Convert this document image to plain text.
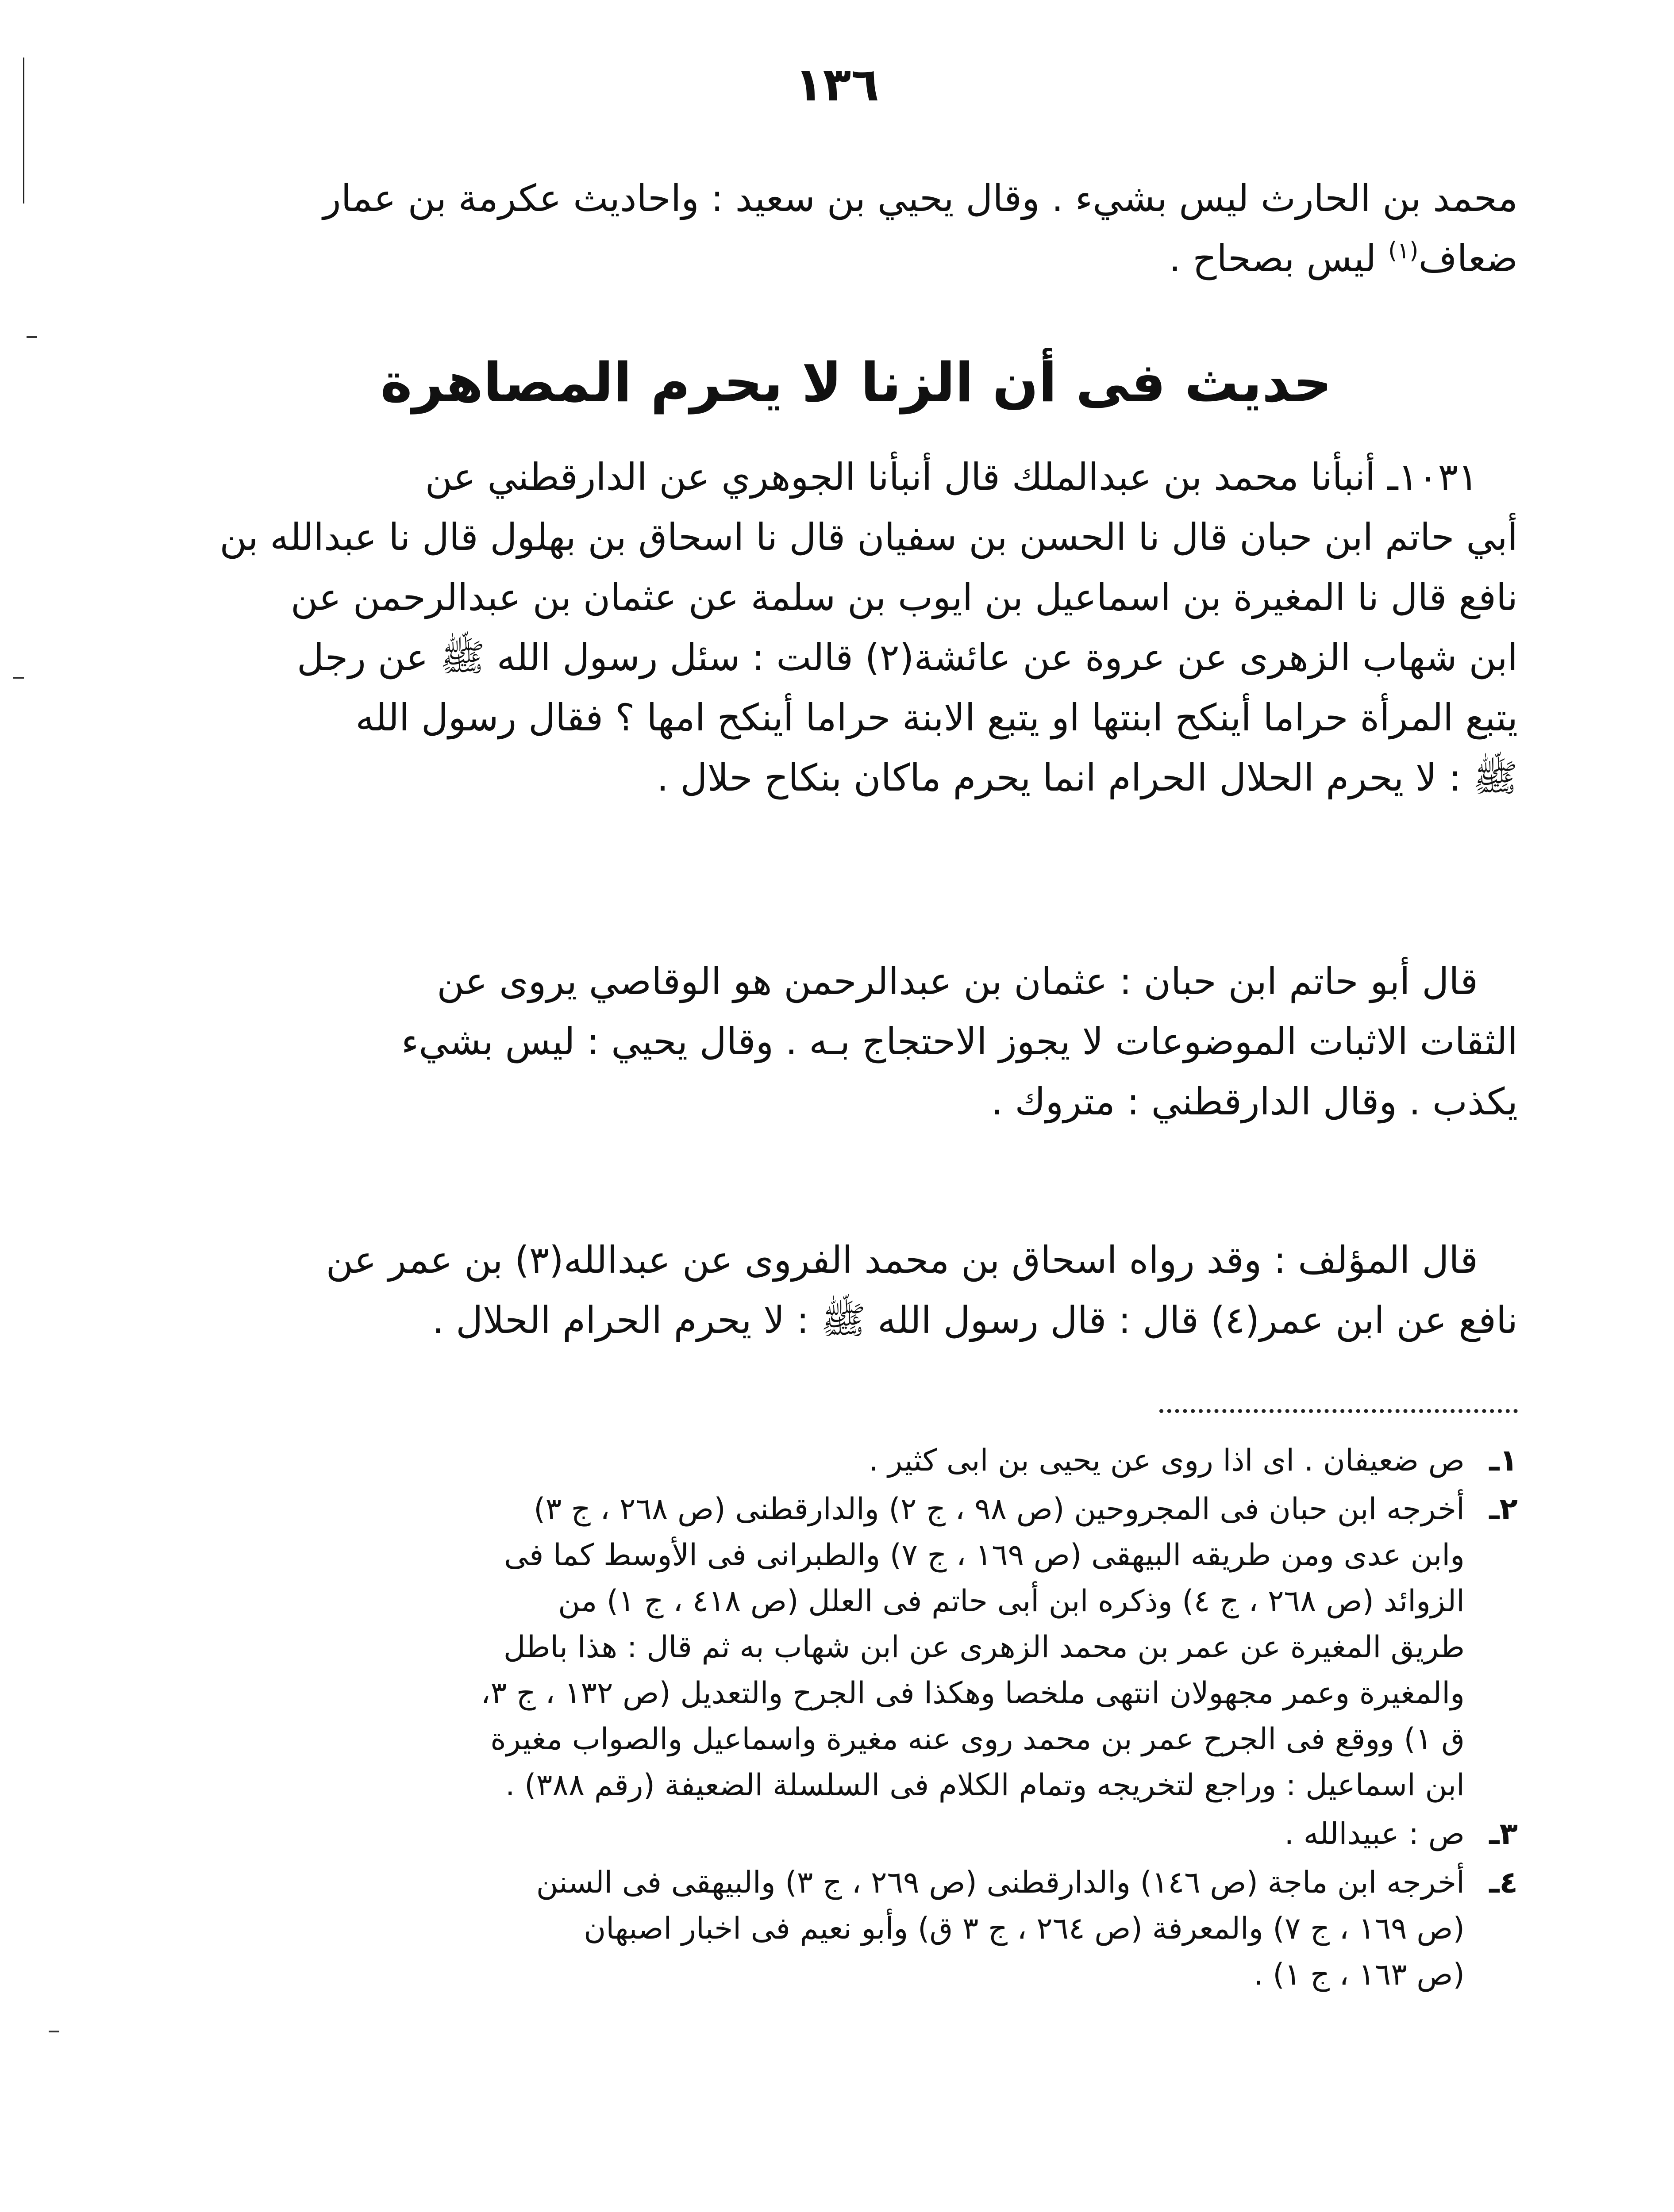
١٣٦
محمد بن الحارث ليس بشيء . وقال يحيي بن سعيد : واحاديث عكرمة بن عمار
ضعاف$^{(١)}$ ليس بصحاح .
حديث فى أن الزنا لا يحرم المصاهرة
١٠٣١ـ أنبأنا محمد بن عبدالملك قال أنبأنا الجوهري عن الدارقطني عن
أبي حاتم ابن حبان قال نا الحسن بن سفيان قال نا اسحاق بن بهلول قال نا عبدالله بن
نافع قال نا المغيرة بن اسماعيل بن ايوب بن سلمة عن عثمان بن عبدالرحمن عن
ابن شهاب الزهرى عن عروة عن عائشة(٢) قالت : سئل رسول الله ﷺ عن رجل
يتبع المرأة حراما أينكح ابنتها او يتبع الابنة حراما أينكح امها ؟ فقال رسول الله
ﷺ : لا يحرم الحلال الحرام انما يحرم ماكان بنكاح حلال .
قال أبو حاتم ابن حبان : عثمان بن عبدالرحمن هو الوقاصي يروى عن
الثقات الاثبات الموضوعات لا يجوز الاحتجاج بـه . وقال يحيي : ليس بشيء
يكذب . وقال الدارقطني : متروك .
قال المؤلف : وقد رواه اسحاق بن محمد الفروى عن عبدالله(٣) بن عمر عن
نافع عن ابن عمر(٤) قال : قال رسول الله ﷺ : لا يحرم الحرام الحلال .
١ـ
ص ضعيفان . اى اذا روى عن يحيى بن ابى كثير .
٢ـ
أخرجه ابن حبان فى المجروحين (ص ٩٨ ، ج ٢) والدارقطنى (ص ٢٦٨ ، ج ٣)
وابن عدى ومن طريقه البيهقى (ص ١٦٩ ، ج ٧) والطبرانى فى الأوسط كما فى
الزوائد (ص ٢٦٨ ، ج ٤) وذكره ابن أبى حاتم فى العلل (ص ٤١٨ ، ج ١) من
طريق المغيرة عن عمر بن محمد الزهرى عن ابن شهاب به ثم قال : هذا باطل
والمغيرة وعمر مجهولان انتهى ملخصا وهكذا فى الجرح والتعديل (ص ١٣٢ ، ج ٣،
ق ١) ووقع فى الجرح عمر بن محمد روى عنه مغيرة واسماعيل والصواب مغيرة
ابن اسماعيل : وراجع لتخريجه وتمام الكلام فى السلسلة الضعيفة (رقم ٣٨٨) .
٣ـ
ص : عبيدالله .
٤ـ
أخرجه ابن ماجة (ص ١٤٦) والدارقطنى (ص ٢٦٩ ، ج ٣) والبيهقى فى السنن
(ص ١٦٩ ، ج ٧) والمعرفة (ص ٢٦٤ ، ج ٣ ق) وأبو نعيم فى اخبار اصبهان
(ص ١٦٣ ، ج ١) .
